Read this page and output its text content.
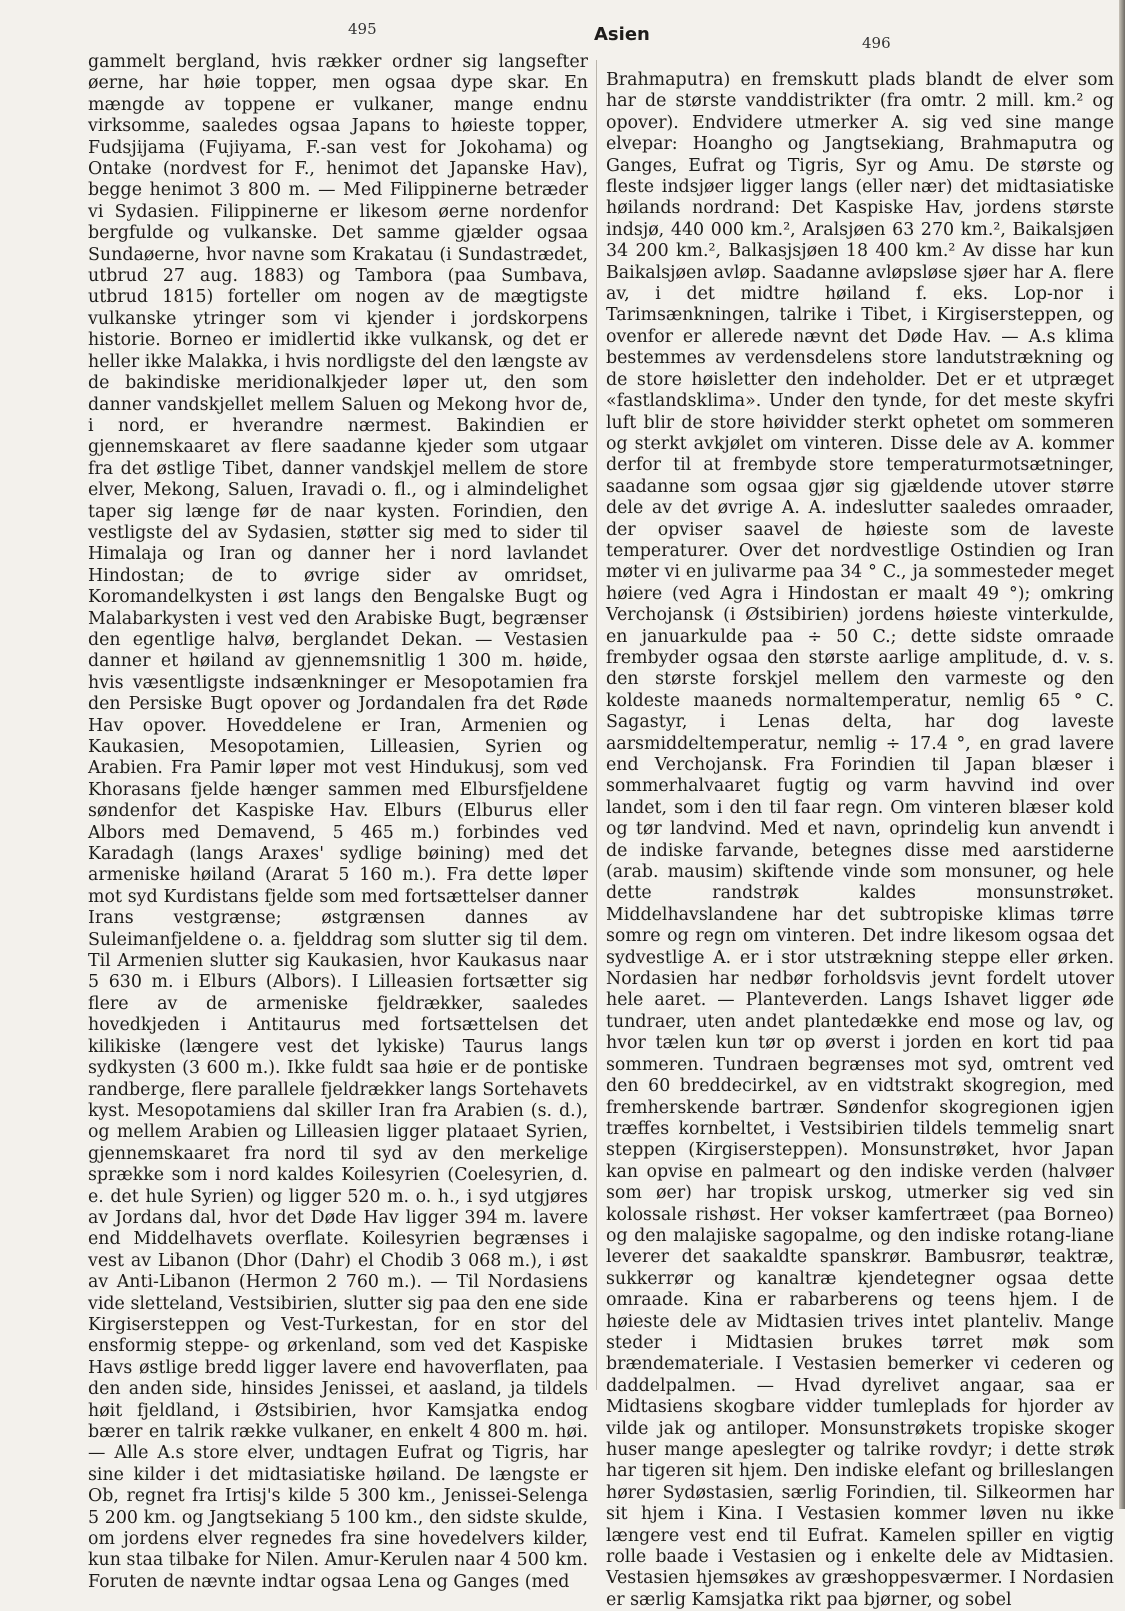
495	Asien	496

gammelt bergland, hvis rækker ordner sig langsefter øerne, har høie topper, men ogsaa dype skar. En mængde av toppene er vulkaner, mange endnu virksomme, saaledes ogsaa Japans to høieste topper, Fudsjijama (Fujiyama, F.-san vest for Jokohama) og Ontake (nordvest for F., henimot det Japanske Hav), begge henimot 3 800 m. — Med Filippinerne betræder vi Sydasien. Filippinerne er likesom øerne nordenfor bergfulde og vulkanske. Det samme gjælder ogsaa Sundaøerne, hvor navne som Krakatau (i Sundastrædet, utbrud 27 aug. 1883) og Tambora (paa Sumbava, utbrud 1815) forteller om nogen av de mægtigste vulkanske ytringer som vi kjender i jordskorpens historie. Borneo er imidlertid ikke vulkansk, og det er heller ikke Malakka, i hvis nordligste del den længste av de bakindiske meridionalkjeder løper ut, den som danner vandskjellet mellem Saluen og Mekong hvor de, i nord, er hverandre nærmest. Bakindien er gjennemskaaret av flere saadanne kjeder som utgaar fra det østlige Tibet, danner vandskjel mellem de store elver, Mekong, Saluen, Iravadi o. fl., og i almindelighet taper sig længe før de naar kysten. Forindien, den vestligste del av Sydasien, støtter sig med to sider til Himalaja og Iran og danner her i nord lavlandet Hindostan; de to øvrige sider av omridset, Koromandelkysten i øst langs den Bengalske Bugt og Malabarkysten i vest ved den Arabiske Bugt, begrænser den egentlige halvø, berglandet Dekan. — Vestasien danner et høiland av gjennemsnitlig 1 300 m. høide, hvis væsentligste indsænkninger er Mesopotamien fra den Persiske Bugt opover og Jordandalen fra det Røde Hav opover. Hoveddelene er Iran, Armenien og Kaukasien, Mesopotamien, Lilleasien, Syrien og Arabien. Fra Pamir løper mot vest Hindukusj, som ved Khorasans fjelde hænger sammen med Elbursfjeldene søndenfor det Kaspiske Hav. Elburs (Elburus eller Albors med Demavend, 5 465 m.) forbindes ved Karadagh (langs Araxes' sydlige bøining) med det armeniske høiland (Ararat 5 160 m.). Fra dette løper mot syd Kurdistans fjelde som med fortsættelser danner Irans vestgrænse; østgrænsen dannes av Suleimanfjeldene o. a. fjelddrag som slutter sig til dem. Til Armenien slutter sig Kaukasien, hvor Kaukasus naar 5 630 m. i Elburs (Albors). I Lilleasien fortsætter sig flere av de armeniske fjeldrækker, saaledes hovedkjeden i Antitaurus med fortsættelsen det kilikiske (længere vest det lykiske) Taurus langs sydkysten (3 600 m.). Ikke fuldt saa høie er de pontiske randberge, flere parallele fjeldrækker langs Sortehavets kyst. Mesopotamiens dal skiller Iran fra Arabien (s. d.), og mellem Arabien og Lilleasien ligger plataaet Syrien, gjennemskaaret fra nord til syd av den merkelige sprække som i nord kaldes Koilesyrien (Coelesyrien, d. e. det hule Syrien) og ligger 520 m. o. h., i syd utgjøres av Jordans dal, hvor det Døde Hav ligger 394 m. lavere end Middelhavets overflate. Koilesyrien begrænses i vest av Libanon (Dhor (Dahr) el Chodib 3 068 m.), i øst av Anti-Libanon (Hermon 2 760 m.). — Til Nordasiens vide sletteland, Vestsibirien, slutter sig paa den ene side Kirgisersteppen og Vest-Turkestan, for en stor del ensformig steppe- og ørkenland, som ved det Kaspiske Havs østlige bredd ligger lavere end havoverflaten, paa den anden side, hinsides Jenissei, et aasland, ja tildels høit fjeldland, i Østsibirien, hvor Kamsjatka endog bærer en talrik række vulkaner, en enkelt 4 800 m. høi. — Alle A.s store elver, undtagen Eufrat og Tigris, har sine kilder i det midtasiatiske høiland. De længste er Ob, regnet fra Irtisj's kilde 5 300 km., Jenissei-Selenga 5 200 km. og Jangtsekiang 5 100 km., den sidste skulde, om jordens elver regnedes fra sine hovedelvers kilder, kun staa tilbake for Nilen. Amur-Kerulen naar 4 500 km. Foruten de nævnte indtar ogsaa Lena og Ganges (med

Brahmaputra) en fremskutt plads blandt de elver som har de største vanddistrikter (fra omtr. 2 mill. km.² og opover). Endvidere utmerker A. sig ved sine mange elvepar: Hoangho og Jangtsekiang, Brahmaputra og Ganges, Eufrat og Tigris, Syr og Amu. De største og fleste indsjøer ligger langs (eller nær) det midtasiatiske høilands nordrand: Det Kaspiske Hav, jordens største indsjø, 440 000 km.², Aralsjøen 63 270 km.², Baikalsjøen 34 200 km.², Balkasjsjøen 18 400 km.² Av disse har kun Baikalsjøen avløp. Saadanne avløpsløse sjøer har A. flere av, i det midtre høiland f. eks. Lop-nor i Tarimsænkningen, talrike i Tibet, i Kirgisersteppen, og ovenfor er allerede nævnt det Døde Hav. — A.s klima bestemmes av verdensdelens store landutstrækning og de store høisletter den indeholder. Det er et utpræget «fastlandsklima». Under den tynde, for det meste skyfri luft blir de store høividder sterkt ophetet om sommeren og sterkt avkjølet om vinteren. Disse dele av A. kommer derfor til at frembyde store temperaturmotsætninger, saadanne som ogsaa gjør sig gjældende utover større dele av det øvrige A. A. indeslutter saaledes omraader, der opviser saavel de høieste som de laveste temperaturer. Over det nordvestlige Ostindien og Iran møter vi en julivarme paa 34 ° C., ja sommesteder meget høiere (ved Agra i Hindostan er maalt 49 °); omkring Verchojansk (i Østsibirien) jordens høieste vinterkulde, en januarkulde paa ÷ 50 C.; dette sidste omraade frembyder ogsaa den største aarlige amplitude, d. v. s. den største forskjel mellem den varmeste og den koldeste maaneds normaltemperatur, nemlig 65 ° C. Sagastyr, i Lenas delta, har dog laveste aarsmiddeltemperatur, nemlig ÷ 17.4 °, en grad lavere end Verchojansk. Fra Forindien til Japan blæser i sommerhalvaaret fugtig og varm havvind ind over landet, som i den til faar regn. Om vinteren blæser kold og tør landvind. Med et navn, oprindelig kun anvendt i de indiske farvande, betegnes disse med aarstiderne (arab. mausim) skiftende vinde som monsuner, og hele dette randstrøk kaldes monsunstrøket. Middelhavslandene har det subtropiske klimas tørre somre og regn om vinteren. Det indre likesom ogsaa det sydvestlige A. er i stor utstrækning steppe eller ørken. Nordasien har nedbør forholdsvis jevnt fordelt utover hele aaret. — Planteverden. Langs Ishavet ligger øde tundraer, uten andet plantedække end mose og lav, og hvor tælen kun tør op øverst i jorden en kort tid paa sommeren. Tundraen begrænses mot syd, omtrent ved den 60 breddecirkel, av en vidtstrakt skogregion, med fremherskende bartrær. Søndenfor skogregionen igjen træffes kornbeltet, i Vestsibirien tildels temmelig snart steppen (Kirgisersteppen). Monsunstrøket, hvor Japan kan opvise en palmeart og den indiske verden (halvøer som øer) har tropisk urskog, utmerker sig ved sin kolossale rishøst. Her vokser kamfertræet (paa Borneo) og den malajiske sagopalme, og den indiske rotang-liane leverer det saakaldte spanskrør. Bambusrør, teaktræ, sukkerrør og kanaltræ kjendetegner ogsaa dette omraade. Kina er rabarberens og teens hjem. I de høieste dele av Midtasien trives intet planteliv. Mange steder i Midtasien brukes tørret møk som brændemateriale. I Vestasien bemerker vi cederen og daddelpalmen. — Hvad dyrelivet angaar, saa er Midtasiens skogbare vidder tumleplads for hjorder av vilde jak og antiloper. Monsunstrøkets tropiske skoger huser mange apeslegter og talrike rovdyr; i dette strøk har tigeren sit hjem. Den indiske elefant og brilleslangen hører Sydøstasien, særlig Forindien, til. Silkeormen har sit hjem i Kina. I Vestasien kommer løven nu ikke længere vest end til Eufrat. Kamelen spiller en vigtig rolle baade i Vestasien og i enkelte dele av Midtasien. Vestasien hjemsøkes av græshoppesværmer. I Nordasien er særlig Kamsjatka rikt paa bjørner, og sobel
